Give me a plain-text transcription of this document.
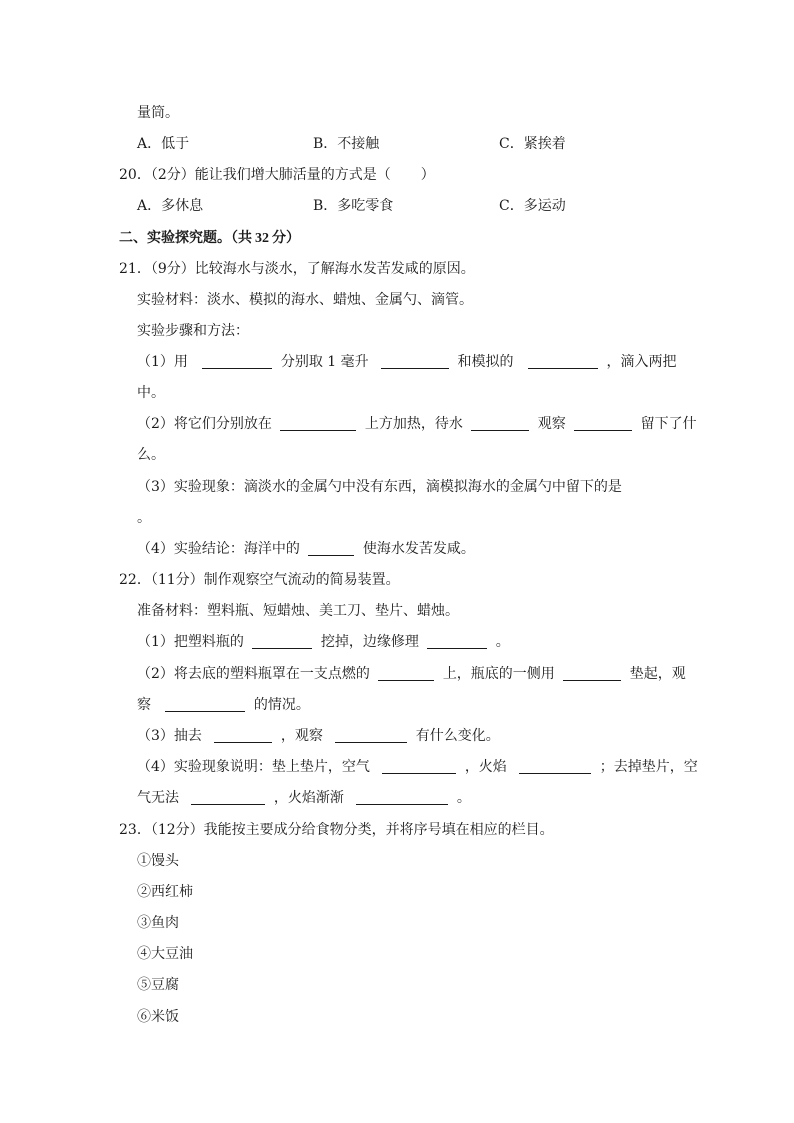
量筒。
A．低于	B．不接触	C．紧挨着
20．（2分）能让我们增大肺活量的方式是（ ）
A．多休息	B．多吃零食	C．多运动
二、实验探究题。（共 32 分）
21．（9分）比较海水与淡水，了解海水发苦发咸的原因。
实验材料：淡水、模拟的海水、蜡烛、金属勺、滴管。
实验步骤和方法：
（1）用	分别取 1 毫升	和模拟的	，滴入两把
中。
（2）将它们分别放在	上方加热，待水	观察	留下了什
么。
（3）实验现象：滴淡水的金属勺中没有东西，滴模拟海水的金属勺中留下的是
。
（4）实验结论：海洋中的	使海水发苦发咸。
22．（11分）制作观察空气流动的简易装置。
准备材料：塑料瓶、短蜡烛、美工刀、垫片、蜡烛。
（1）把塑料瓶的	挖掉，边缘修理	。
（2）将去底的塑料瓶罩在一支点燃的	上，瓶底的一侧用	垫起，观
察	的情况。
（3）抽去	，观察	有什么变化。
（4）实验现象说明：垫上垫片，空气	，火焰	；去掉垫片，空
气无法	，火焰渐渐	。
23．（12分）我能按主要成分给食物分类，并将序号填在相应的栏目。
①馒头
②西红柿
③鱼肉
④大豆油
⑤豆腐
⑥米饭
